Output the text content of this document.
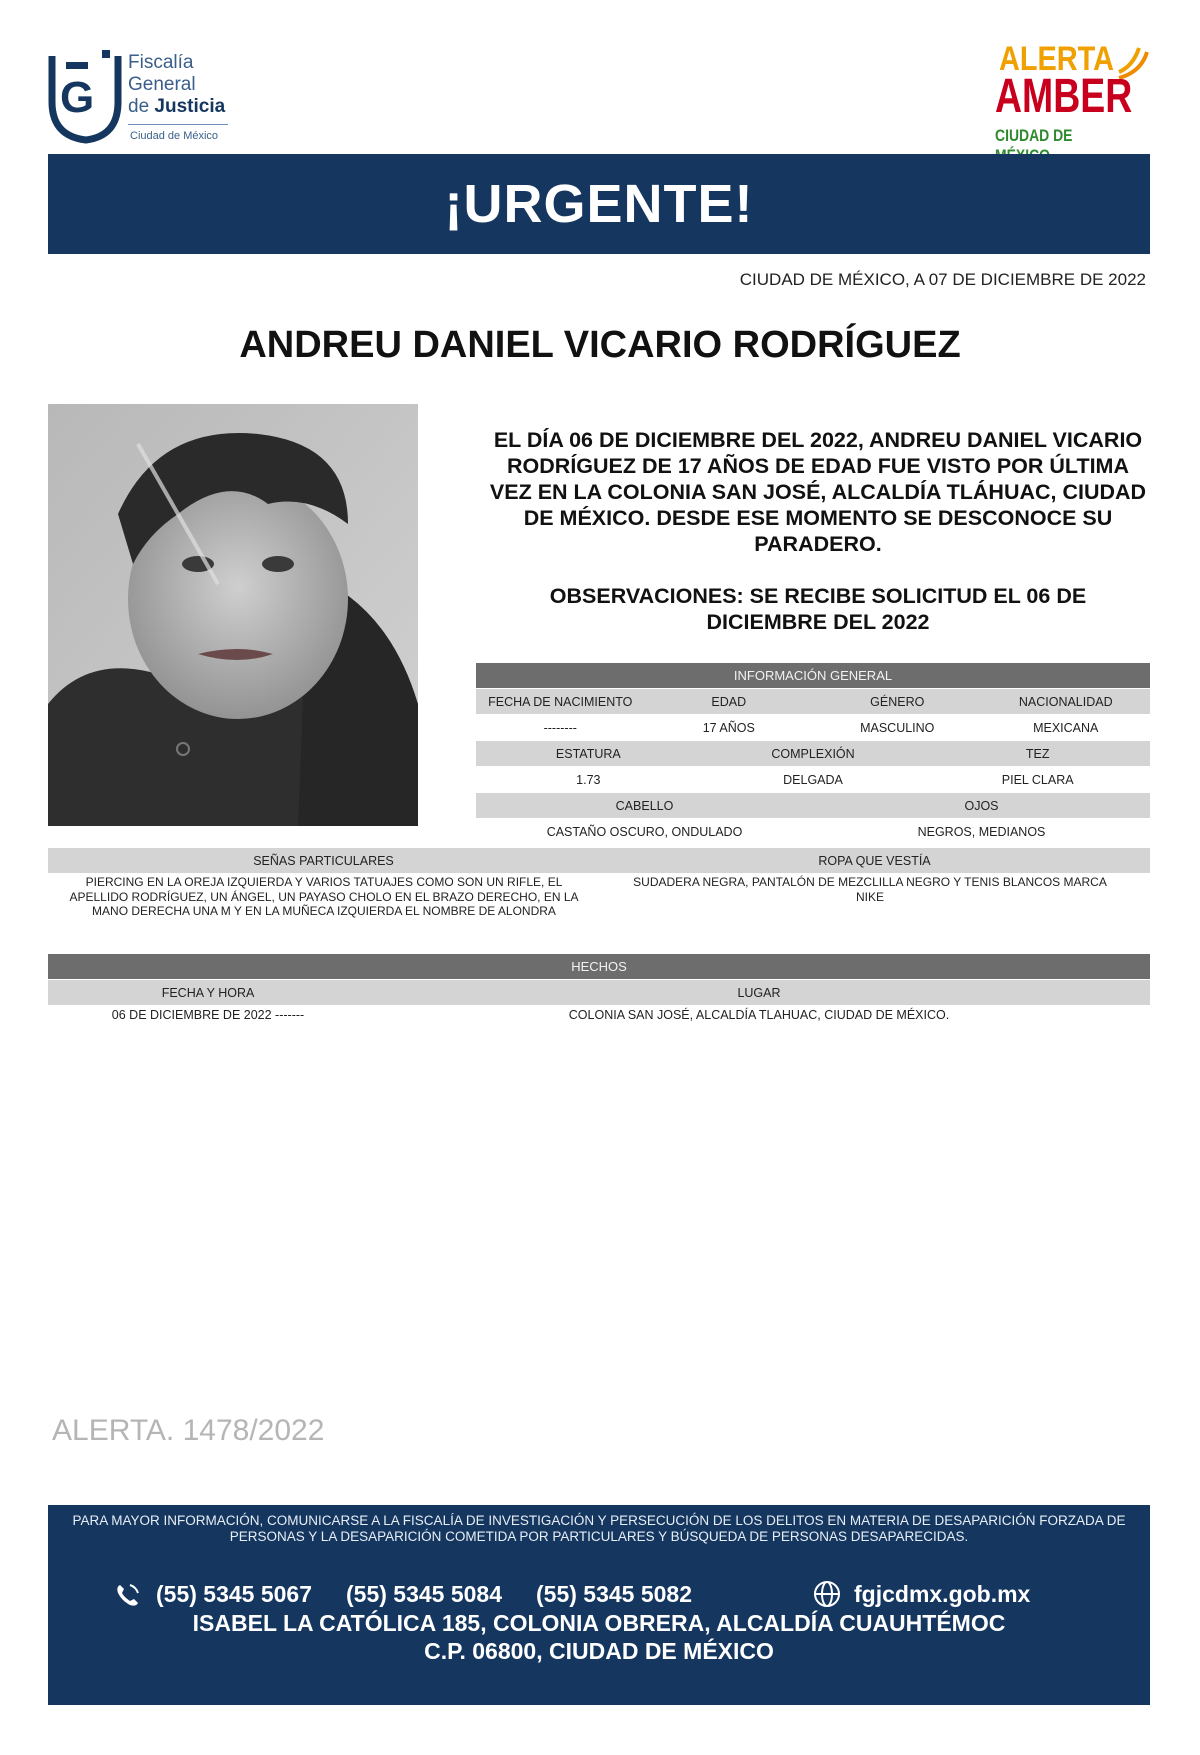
G
Fiscalía
General
de Justicia
Ciudad de México
ALERTA
AMBER
CIUDAD DE
¡URGENTE!
CIUDAD DE MÉXICO, A 07 DE DICIEMBRE DE 2022
ANDREU DANIEL VICARIO RODRÍGUEZ
EL DÍA 06 DE DICIEMBRE DEL 2022, ANDREU DANIEL VICARIO RODRÍGUEZ DE 17 AÑOS DE EDAD FUE VISTO POR ÚLTIMA VEZ EN LA COLONIA SAN JOSÉ, ALCALDÍA TLÁHUAC, CIUDAD DE MÉXICO. DESDE ESE MOMENTO SE DESCONOCE SU PARADERO.
OBSERVACIONES: SE RECIBE SOLICITUD EL 06 DE DICIEMBRE DEL 2022
INFORMACIÓN GENERAL
FECHA DE NACIMIENTO	EDAD	GÉNERO	NACIONALIDAD
--------	17 AÑOS	MASCULINO	MEXICANA
ESTATURA	COMPLEXIÓN	TEZ
1.73	DELGADA	PIEL CLARA
CABELLO	OJOS
CASTAÑO OSCURO, ONDULADO	NEGROS, MEDIANOS
SEÑAS PARTICULARES	ROPA QUE VESTÍA
PIERCING EN LA OREJA IZQUIERDA Y VARIOS TATUAJES COMO SON UN RIFLE, EL APELLIDO RODRÍGUEZ, UN ÁNGEL, UN PAYASO CHOLO EN EL BRAZO DERECHO, EN LA MANO DERECHA UNA M Y EN LA MUÑECA IZQUIERDA EL NOMBRE DE ALONDRA
SUDADERA NEGRA, PANTALÓN DE MEZCLILLA NEGRO Y TENIS BLANCOS MARCA NIKE
HECHOS
FECHA Y HORA	LUGAR
06 DE DICIEMBRE DE 2022 -------	COLONIA SAN JOSÉ, ALCALDÍA TLAHUAC, CIUDAD DE MÉXICO.
ALERTA. 1478/2022
PARA MAYOR INFORMACIÓN, COMUNICARSE A LA FISCALÍA DE INVESTIGACIÓN Y PERSECUCIÓN DE LOS DELITOS EN MATERIA DE DESAPARICIÓN FORZADA DE PERSONAS Y LA DESAPARICIÓN COMETIDA POR PARTICULARES Y BÚSQUEDA DE PERSONAS DESAPARECIDAS.
(55) 5345 5067 (55) 5345 5084 (55) 5345 5082	fgjcdmx.gob.mx
ISABEL LA CATÓLICA 185, COLONIA OBRERA, ALCALDÍA CUAUHTÉMOC
C.P. 06800, CIUDAD DE MÉXICO
